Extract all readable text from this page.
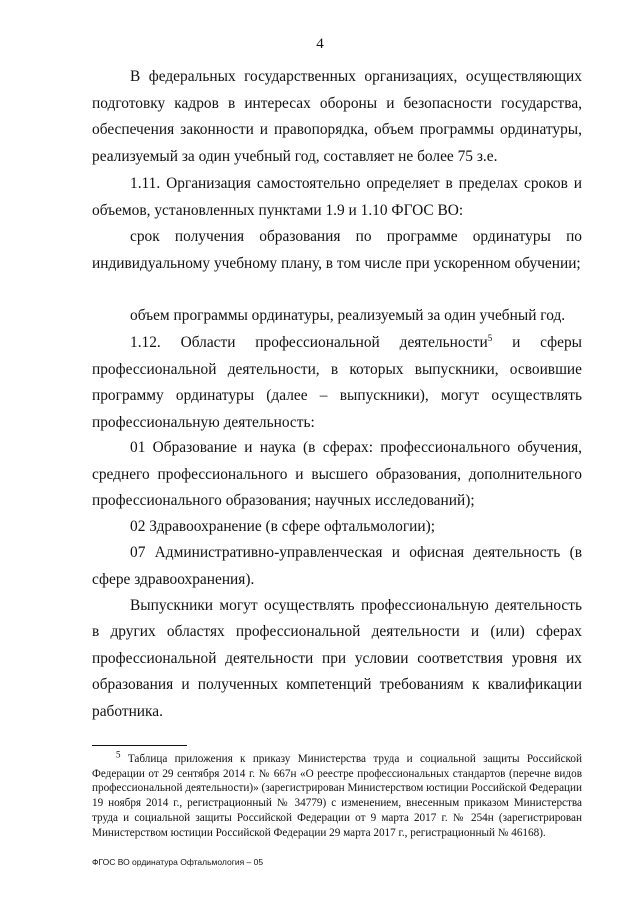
4

В федеральных государственных организациях, осуществляющих подготовку кадров в интересах обороны и безопасности государства, обеспечения законности и правопорядка, объем программы ординатуры, реализуемый за один учебный год, составляет не более 75 з.е.

1.11. Организация самостоятельно определяет в пределах сроков и объемов, установленных пунктами 1.9 и 1.10 ФГОС ВО:

срок получения образования по программе ординатуры по индивидуальному учебному плану, в том числе при ускоренном обучении;

объем программы ординатуры, реализуемый за один учебный год.

1.12. Области профессиональной деятельности$^5$ и сферы профессиональной деятельности, в которых выпускники, освоившие программу ординатуры (далее – выпускники), могут осуществлять профессиональную деятельность:

01 Образование и наука (в сферах: профессионального обучения, среднего профессионального и высшего образования, дополнительного профессионального образования; научных исследований);

02 Здравоохранение (в сфере офтальмологии);

07 Административно-управленческая и офисная деятельность (в сфере здравоохранения).

Выпускники могут осуществлять профессиональную деятельность в других областях профессиональной деятельности и (или) сферах профессиональной деятельности при условии соответствия уровня их образования и полученных компетенций требованиям к квалификации работника.

$^5$ Таблица приложения к приказу Министерства труда и социальной защиты Российской Федерации от 29 сентября 2014 г. № 667н «О реестре профессиональных стандартов (перечне видов профессиональной деятельности)» (зарегистрирован Министерством юстиции Российской Федерации 19 ноября 2014 г., регистрационный № 34779) с изменением, внесенным приказом Министерства труда и социальной защиты Российской Федерации от 9 марта 2017 г. № 254н (зарегистрирован Министерством юстиции Российской Федерации 29 марта 2017 г., регистрационный № 46168).

ФГОС ВО ординатура Офтальмология – 05
